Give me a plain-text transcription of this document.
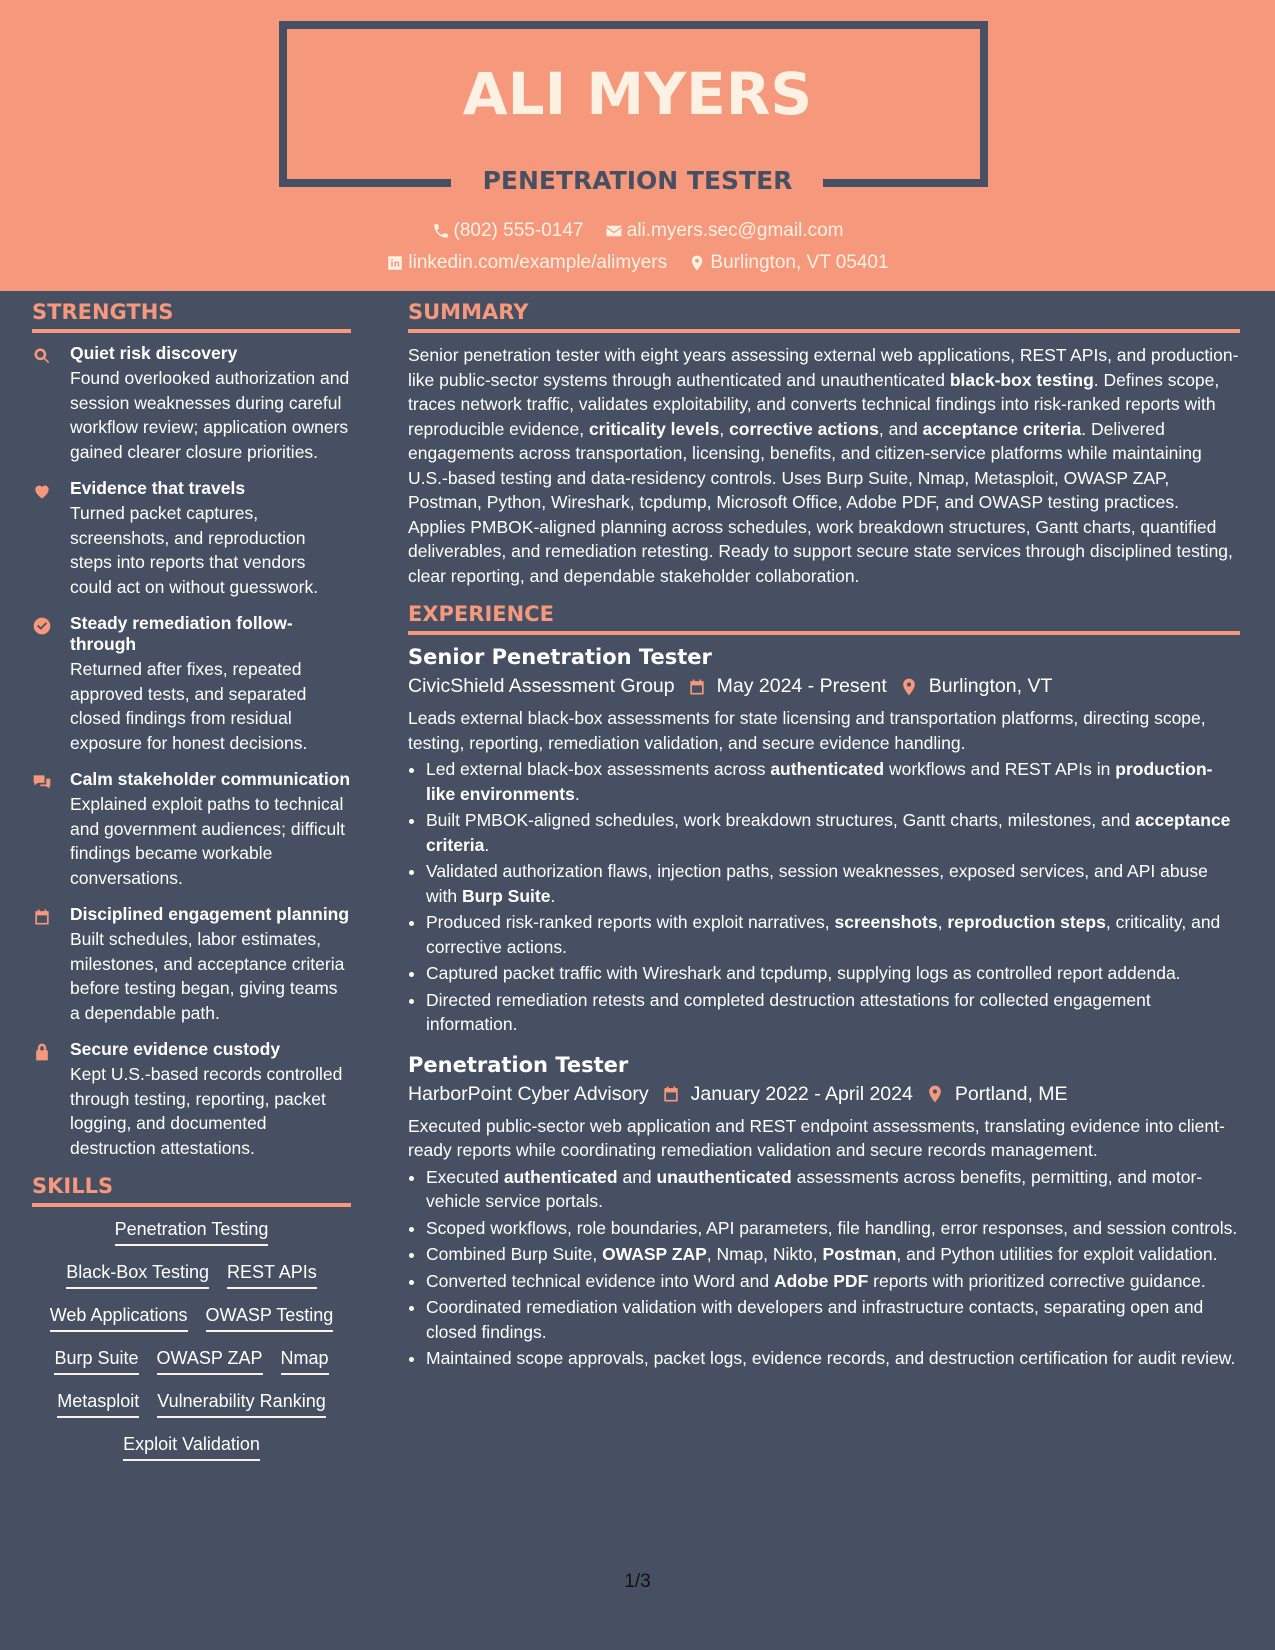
ALI MYERS
PENETRATION TESTER
(802) 555-0147
ali.myers.sec@gmail.com
linkedin.com/example/alimyers
Burlington, VT 05401
STRENGTHS
Quiet risk discovery
Found overlooked authorization and session weaknesses during careful workflow review; application owners gained clearer closure priorities.
Evidence that travels
Turned packet captures, screenshots, and reproduction steps into reports that vendors could act on without guesswork.
Steady remediation follow-through
Returned after fixes, repeated approved tests, and separated closed findings from residual exposure for honest decisions.
Calm stakeholder communication
Explained exploit paths to technical and government audiences; difficult findings became workable conversations.
Disciplined engagement planning
Built schedules, labor estimates, milestones, and acceptance criteria before testing began, giving teams a dependable path.
Secure evidence custody
Kept U.S.-based records controlled through testing, reporting, packet logging, and documented destruction attestations.
SKILLS
Penetration Testing
Black-Box Testing REST APIs
Web Applications OWASP Testing
Burp Suite OWASP ZAP Nmap
Metasploit Vulnerability Ranking
Exploit Validation
SUMMARY
Senior penetration tester with eight years assessing external web applications, REST APIs, and production-like public-sector systems through authenticated and unauthenticated black-box testing. Defines scope, traces network traffic, validates exploitability, and converts technical findings into risk-ranked reports with reproducible evidence, criticality levels, corrective actions, and acceptance criteria. Delivered engagements across transportation, licensing, benefits, and citizen-service platforms while maintaining U.S.-based testing and data-residency controls. Uses Burp Suite, Nmap, Metasploit, OWASP ZAP, Postman, Python, Wireshark, tcpdump, Microsoft Office, Adobe PDF, and OWASP testing practices. Applies PMBOK-aligned planning across schedules, work breakdown structures, Gantt charts, quantified deliverables, and remediation retesting. Ready to support secure state services through disciplined testing, clear reporting, and dependable stakeholder collaboration.
EXPERIENCE
Senior Penetration Tester
CivicShield Assessment Group May 2024 - Present Burlington, VT
Leads external black-box assessments for state licensing and transportation platforms, directing scope, testing, reporting, remediation validation, and secure evidence handling.
• Led external black-box assessments across authenticated workflows and REST APIs in production-like environments.
• Built PMBOK-aligned schedules, work breakdown structures, Gantt charts, milestones, and acceptance criteria.
• Validated authorization flaws, injection paths, session weaknesses, exposed services, and API abuse with Burp Suite.
• Produced risk-ranked reports with exploit narratives, screenshots, reproduction steps, criticality, and corrective actions.
• Captured packet traffic with Wireshark and tcpdump, supplying logs as controlled report addenda.
• Directed remediation retests and completed destruction attestations for collected engagement information.
Penetration Tester
HarborPoint Cyber Advisory January 2022 - April 2024 Portland, ME
Executed public-sector web application and REST endpoint assessments, translating evidence into client-ready reports while coordinating remediation validation and secure records management.
• Executed authenticated and unauthenticated assessments across benefits, permitting, and motor-vehicle service portals.
• Scoped workflows, role boundaries, API parameters, file handling, error responses, and session controls.
• Combined Burp Suite, OWASP ZAP, Nmap, Nikto, Postman, and Python utilities for exploit validation.
• Converted technical evidence into Word and Adobe PDF reports with prioritized corrective guidance.
• Coordinated remediation validation with developers and infrastructure contacts, separating open and closed findings.
• Maintained scope approvals, packet logs, evidence records, and destruction certification for audit review.
1/3
